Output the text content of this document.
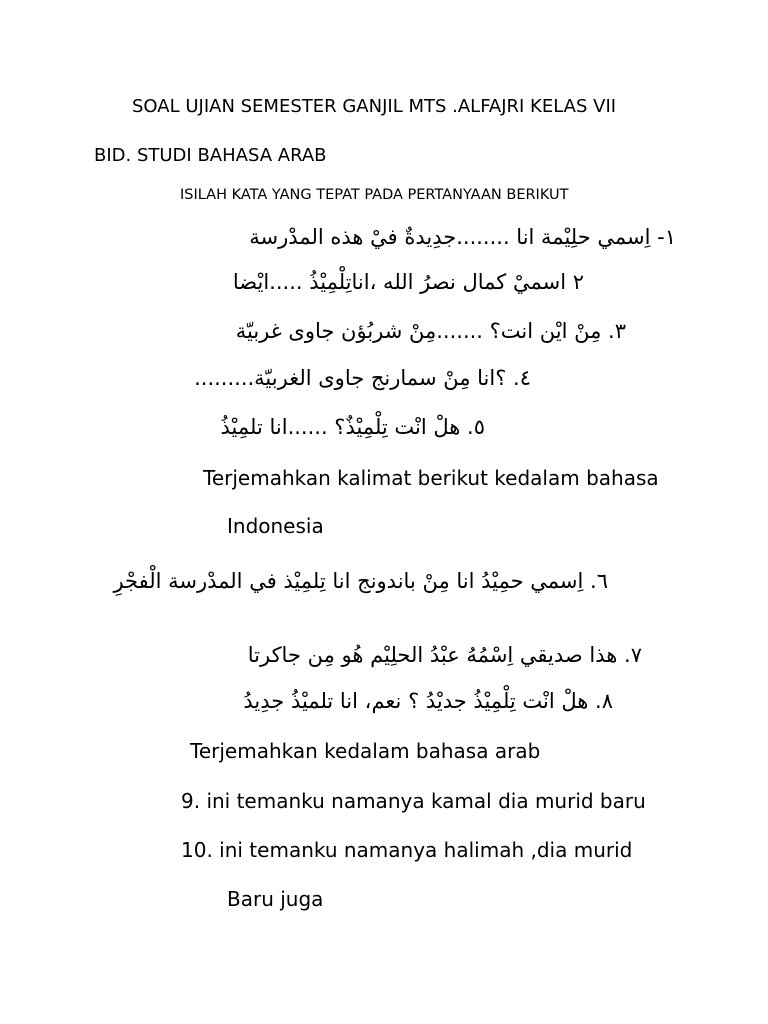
SOAL UJIAN SEMESTER GANJIL MTS .ALFAJRI KELAS VII
BID. STUDI BAHASA ARAB
ISILAH KATA YANG TEPAT PADA PERTANYAAN BERIKUT
١- اِسمي حلِيْمة انا ........جدِيدةٌ فيْ هذه المدْرسة
٢ اسميْ كمال نصرُ الله ،اناتِلْمِيْذُ .....ايْضا
٣. مِنْ ايْن انت؟ .......مِنْ شربُؤن جاوى غربيّة
٤. ؟انا مِنْ سمارنج جاوى الغربيّة.........
٥. هلْ انْت تِلْمِيْذٌ؟ ......انا تلمِيْذُ
Terjemahkan kalimat berikut kedalam bahasa
Indonesia
٦. اِسمي حمِيْدُ انا مِنْ باندونج انا تِلمِيْذ في المدْرسة الْفجْرِ
٧. هذا صديقي اِسْمُهُ عبْدُ الحلِيْم هُو مِن جاكرتا
٨. هلْ انْت تِلْمِيْذُ جديْدُ ؟ نعم، انا تلميْذُ جدِيدُ
Terjemahkan kedalam bahasa arab
9. ini temanku namanya kamal dia murid baru
10. ini temanku namanya halimah ,dia murid
Baru juga
